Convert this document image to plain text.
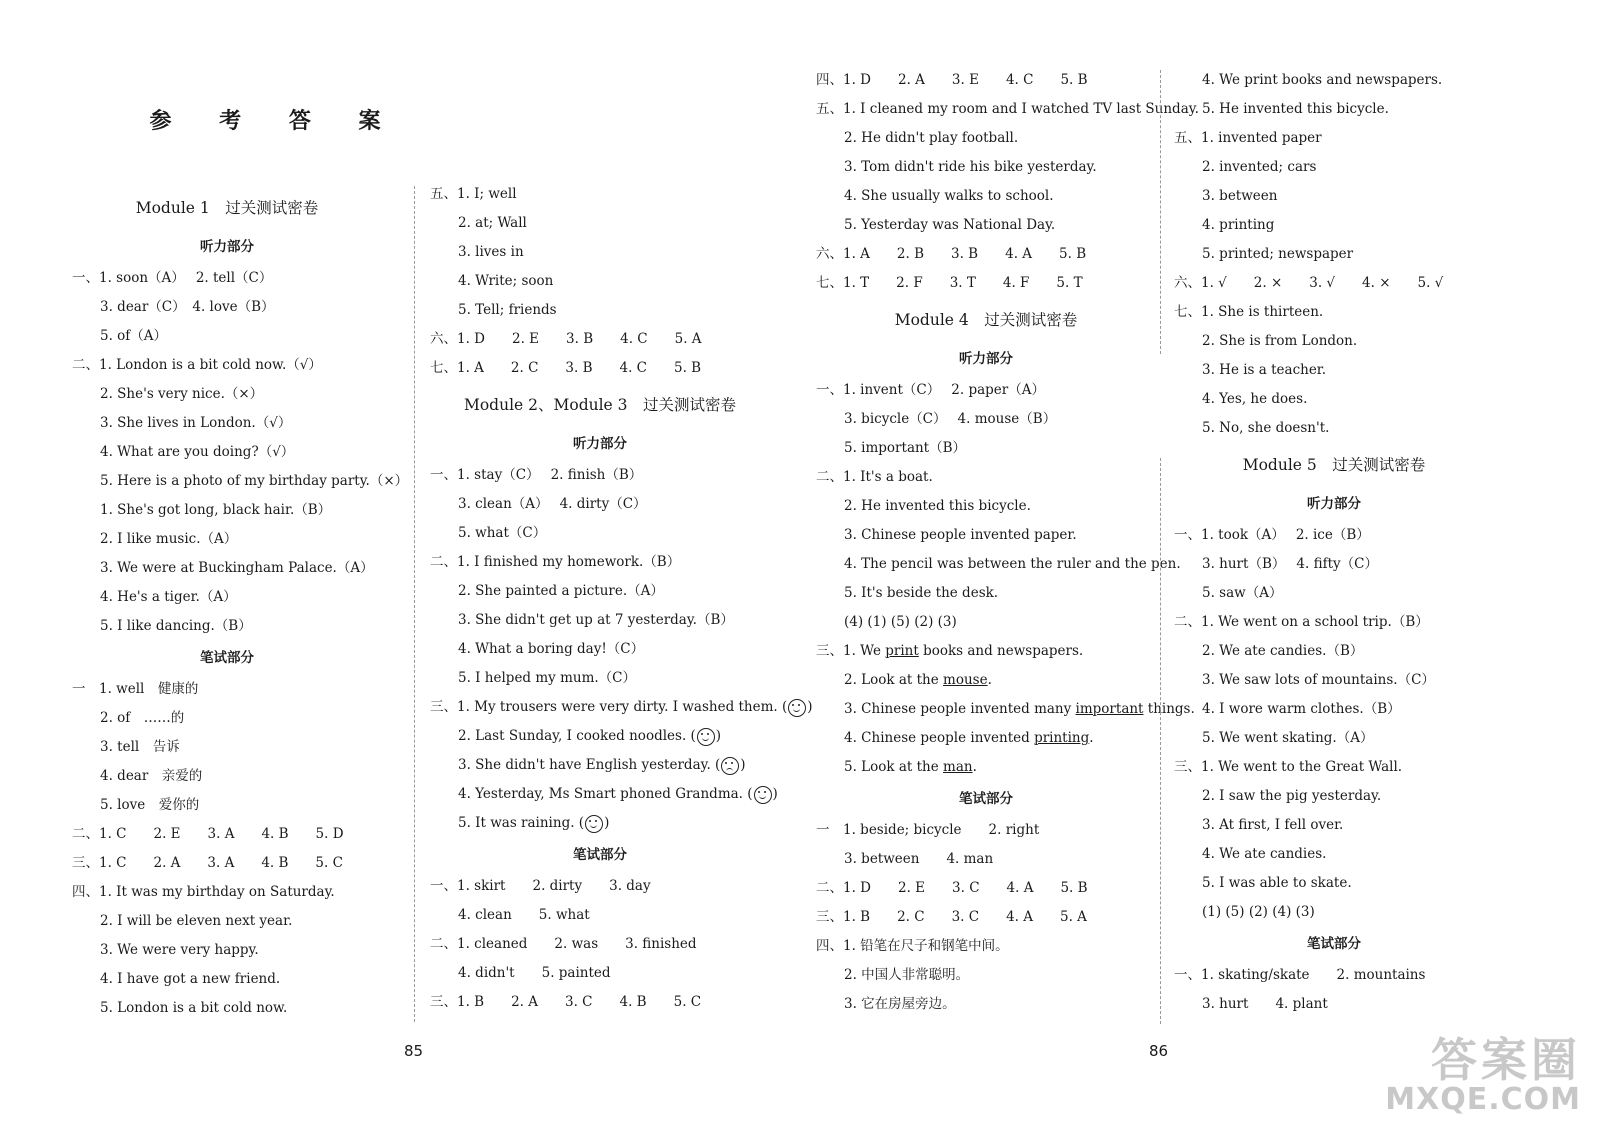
参 考 答 案
Module 1　过关测试密卷
听力部分
一、1. soon（A）　 2. tell（C）
3. dear（C）　4. love（B）
5. of（A）
二、1. London is a bit cold now.（√）
2. She's very nice.（×）
3. She lives in London.（√）
4. What are you doing?（√）
5. Here is a photo of my birthday party.（×）
1. She's got long, black hair.（B）
2. I like music.（A）
3. We were at Buckingham Palace.（A）
4. He's a tiger.（A）
5. I like dancing.（B）
笔试部分
一　1. well　健康的
2. of　……的
3. tell　告诉
4. dear　亲爱的
5. love　爱你的
二、1. C　　2. E　　3. A　　4. B　　5. D
三、1. C　　2. A　　3. A　　4. B　　5. C
四、1. It was my birthday on Saturday.
2. I will be eleven next year.
3. We were very happy.
4. I have got a new friend.
5. London is a bit cold now.
五、1. I; well
2. at; Wall
3. lives in
4. Write; soon
5. Tell; friends
六、1. D　　2. E　　3. B　　4. C　　5. A
七、1. A　　2. C　　3. B　　4. C　　5. B
Module 2、Module 3　过关测试密卷
听力部分
一、1. stay（C）　 2. finish（B）
3. clean（A）　 4. dirty（C）
5. what（C）
二、1. I finished my homework.（B）
2. She painted a picture.（A）
3. She didn't get up at 7 yesterday.（B）
4. What a boring day!（C）
5. I helped my mum.（C）
三、1. My trousers were very dirty. I washed them. ( )
2. Last Sunday, I cooked noodles. ( )
3. She didn't have English yesterday. ( )
4. Yesterday, Ms Smart phoned Grandma. ( )
5. It was raining. ( )
笔试部分
一、1. skirt　　2. dirty　　3. day
4. clean　　5. what
二、1. cleaned　　2. was　　3. finished
4. didn't　　5. painted
三、1. B　　2. A　　3. C　　4. B　　5. C
四、1. D　　2. A　　3. E　　4. C　　5. B
五、1. I cleaned my room and I watched TV last Sunday.
2. He didn't play football.
3. Tom didn't ride his bike yesterday.
4. She usually walks to school.
5. Yesterday was National Day.
六、1. A　　2. B　　3. B　　4. A　　5. B
七、1. T　　2. F　　3. T　　4. F　　5. T
Module 4　过关测试密卷
听力部分
一、1. invent（C）　 2. paper（A）
3. bicycle（C）　 4. mouse（B）
5. important（B）
二、1. It's a boat.
2. He invented this bicycle.
3. Chinese people invented paper.
4. The pencil was between the ruler and the pen.
5. It's beside the desk.
(4) (1) (5) (2) (3)
三、1. We print books and newspapers.
2. Look at the mouse.
3. Chinese people invented many important things.
4. Chinese people invented printing.
5. Look at the man.
笔试部分
一　1. beside; bicycle　　2. right
3. between　　4. man
二、1. D　　2. E　　3. C　　4. A　　5. B
三、1. B　　2. C　　3. C　　4. A　　5. A
四、1. 铅笔在尺子和钢笔中间。
2. 中国人非常聪明。
3. 它在房屋旁边。
4. We print books and newspapers.
5. He invented this bicycle.
五、1. invented paper
2. invented; cars
3. between
4. printing
5. printed; newspaper
六、1. √　　2. ×　　3. √　　4. ×　　5. √
七、1. She is thirteen.
2. She is from London.
3. He is a teacher.
4. Yes, he does.
5. No, she doesn't.
Module 5　过关测试密卷
听力部分
一、1. took（A）　 2. ice（B）
3. hurt（B）　 4. fifty（C）
5. saw（A）
二、1. We went on a school trip.（B）
2. We ate candies.（B）
3. We saw lots of mountains.（C）
4. I wore warm clothes.（B）
5. We went skating.（A）
三、1. We went to the Great Wall.
2. I saw the pig yesterday.
3. At first, I fell over.
4. We ate candies.
5. I was able to skate.
(1) (5) (2) (4) (3)
笔试部分
一、1. skating/skate　　2. mountains
3. hurt　　4. plant
85	86	答案圈
MXQE.COM
